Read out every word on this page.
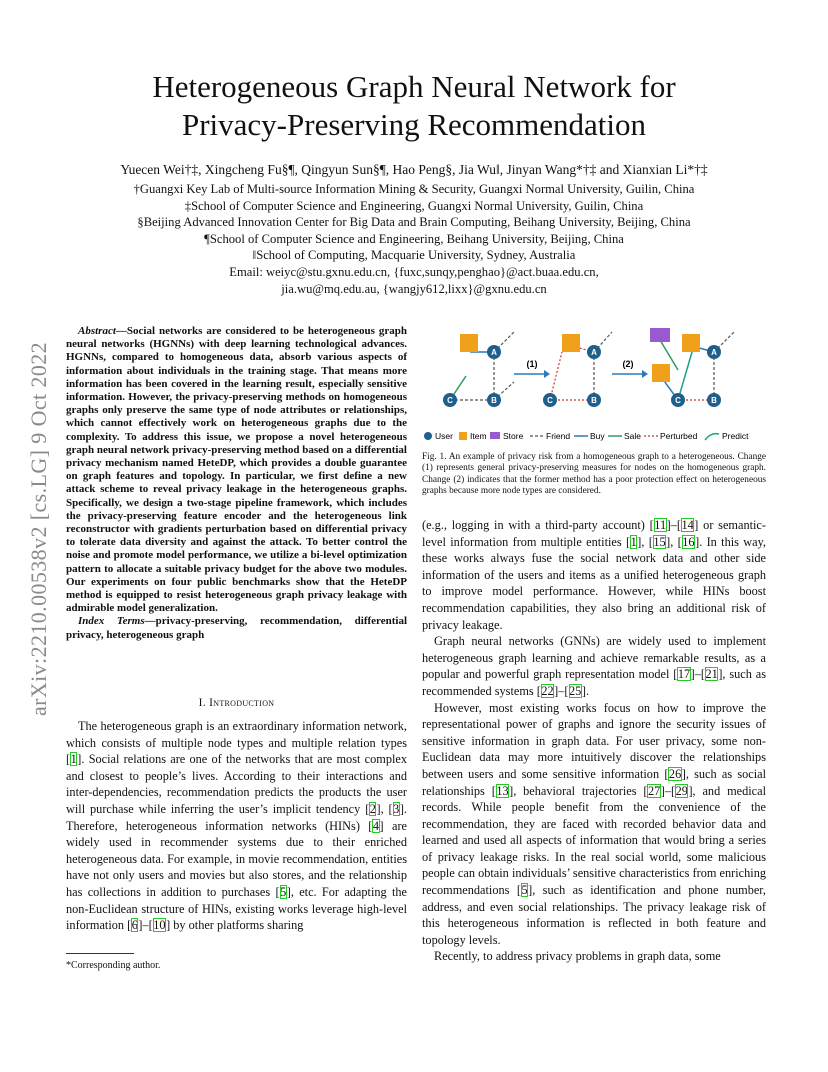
Heterogeneous Graph Neural Network for
Privacy-Preserving Recommendation
Yuecen Wei†‡, Xingcheng Fu§¶, Qingyun Sun§¶, Hao Peng§, Jia Wu‖, Jinyan Wang*†‡ and Xianxian Li*†‡
†Guangxi Key Lab of Multi-source Information Mining & Security, Guangxi Normal University, Guilin, China
‡School of Computer Science and Engineering, Guangxi Normal University, Guilin, China
§Beijing Advanced Innovation Center for Big Data and Brain Computing, Beihang University, Beijing, China
¶School of Computer Science and Engineering, Beihang University, Beijing, China
‖School of Computing, Macquarie University, Sydney, Australia
Email: weiyc@stu.gxnu.edu.cn, {fuxc,sunqy,penghao}@act.buaa.edu.cn,
jia.wu@mq.edu.au, {wangjy612,lixx}@gxnu.edu.cn
arXiv:2210.00538v2 [cs.LG] 9 Oct 2022

Abstract—Social networks are considered to be heterogeneous graph neural networks (HGNNs) with deep learning technological advances. HGNNs, compared to homogeneous data, absorb various aspects of information about individuals in the training stage. That means more information has been covered in the learning result, especially sensitive information. However, the privacy-preserving methods on homogeneous graphs only preserve the same type of node attributes or relationships, which cannot effectively work on heterogeneous graphs due to the complexity. To address this issue, we propose a novel heterogeneous graph neural network privacy-preserving method based on a differential privacy mechanism named HeteDP, which provides a double guarantee on graph features and topology. In particular, we first define a new attack scheme to reveal privacy leakage in the heterogeneous graphs. Specifically, we design a two-stage pipeline framework, which includes the privacy-preserving feature encoder and the heterogeneous link reconstructor with gradients perturbation based on differential privacy to tolerate data diversity and against the attack. To better control the noise and promote model performance, we utilize a bi-level optimization pattern to allocate a suitable privacy budget for the above two modules. Our experiments on four public benchmarks show that the HeteDP method is equipped to resist heterogeneous graph privacy leakage with admirable model generalization.

Index Terms—privacy-preserving, recommendation, differential privacy, heterogeneous graph

I. Introduction

The heterogeneous graph is an extraordinary information network, which consists of multiple node types and multiple relation types [1]. Social relations are one of the networks that are most complex and closest to people’s lives. According to their interactions and inter-dependencies, recommendation predicts the products the user will purchase while inferring the user’s implicit tendency [2], [3]. Therefore, heterogeneous information networks (HINs) [4] are widely used in recommender systems due to their enriched heterogeneous data. For example, in movie recommendation, entities have not only users and movies but also stores, and the relationship has collections in addition to purchases [5], etc. For adapting the non-Euclidean structure of HINs, existing works leverage high-level information [6]–[10] by other platforms sharing

*Corresponding author.
A
C	B
(1)
A
C	B
(2)
A
C	B
User Item Store	Friend Buy Sale Perturbed	Predict
Fig. 1. An example of privacy risk from a homogeneous graph to a heterogeneous. Change (1) represents general privacy-preserving measures for nodes on the homogeneous graph. Change (2) indicates that the former method has a poor protection effect on heterogeneous graphs because more node types are considered.

(e.g., logging in with a third-party account) [11]–[14] or semantic-level information from multiple entities [1], [15], [16]. In this way, these works always fuse the social network data and other side information of the users and items as a unified heterogeneous graph to improve model performance. However, while HINs boost recommendation capabilities, they also bring an additional risk of privacy leakage.

Graph neural networks (GNNs) are widely used to implement heterogeneous graph learning and achieve remarkable results, as a popular and powerful graph representation model [17]–[21], such as recommended systems [22]–[25].

However, most existing works focus on how to improve the representational power of graphs and ignore the security issues of sensitive information in graph data. For user privacy, some non-Euclidean data may more intuitively discover the relationships between users and some sensitive information [26], such as social relationships [13], behavioral trajectories [27]–[29], and medical records. While people benefit from the convenience of the recommendation, they are faced with recorded behavior data and learned and used all aspects of information that would bring a series of privacy leakage risks. In the real social world, some malicious people can obtain individuals’ sensitive characteristics from enriching recommendations [5], such as identification and phone number, address, and even social relationships. The privacy leakage risk of this heterogeneous information is reflected in both feature and topology levels.

Recently, to address privacy problems in graph data, some
